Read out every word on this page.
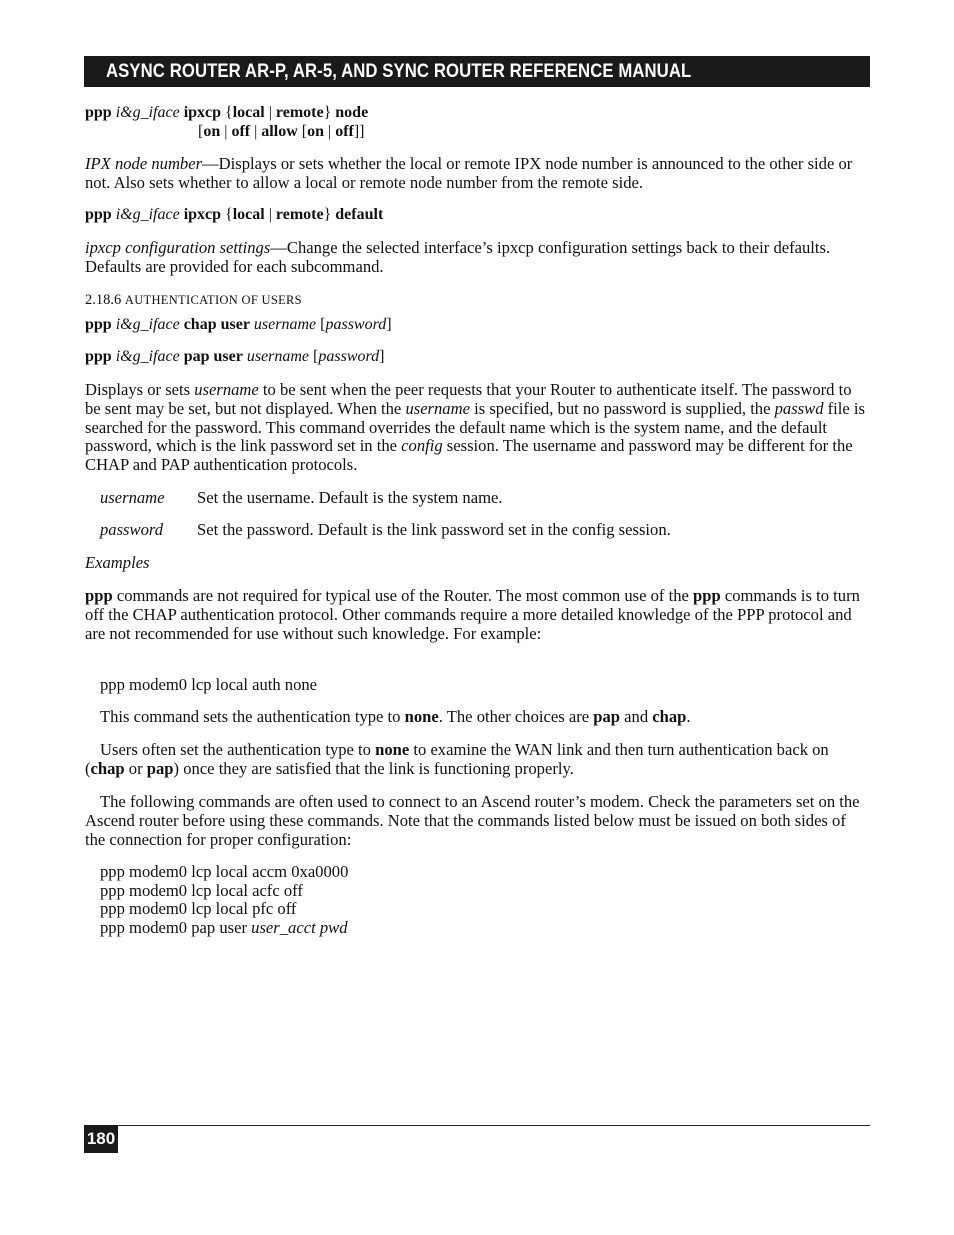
ASYNC ROUTER AR-P, AR-5, AND SYNC ROUTER REFERENCE MANUAL
ppp i&g_iface ipxcp {local | remote} node
[on | off | allow [on | off]]

IPX node number—Displays or sets whether the local or remote IPX node number is announced to the other side or not. Also sets whether to allow a local or remote node number from the remote side.

ppp i&g_iface ipxcp {local | remote} default

ipxcp configuration settings—Change the selected interface’s ipxcp configuration settings back to their defaults. Defaults are provided for each subcommand.

2.18.6 AUTHENTICATION OF USERS
ppp i&g_iface chap user username [password]
ppp i&g_iface pap user username [password]

Displays or sets username to be sent when the peer requests that your Router to authenticate itself. The password to be sent may be set, but not displayed. When the username is specified, but no password is supplied, the passwd file is searched for the password. This command overrides the default name which is the system name, and the default password, which is the link password set in the config session. The username and password may be different for the CHAP and PAP authentication protocols.

username Set the username. Default is the system name.
password Set the password. Default is the link password set in the config session.
Examples

ppp commands are not required for typical use of the Router. The most common use of the ppp commands is to turn off the CHAP authentication protocol. Other commands require a more detailed knowledge of the PPP protocol and are not recommended for use without such knowledge. For example:

ppp modem0 lcp local auth none

This command sets the authentication type to none. The other choices are pap and chap.

Users often set the authentication type to none to examine the WAN link and then turn authentication back on (chap or pap) once they are satisfied that the link is functioning properly.

The following commands are often used to connect to an Ascend router’s modem. Check the parameters set on the Ascend router before using these commands. Note that the commands listed below must be issued on both sides of the connection for proper configuration:

ppp modem0 lcp local accm 0xa0000
ppp modem0 lcp local acfc off
ppp modem0 lcp local pfc off
ppp modem0 pap user user_acct pwd
180
